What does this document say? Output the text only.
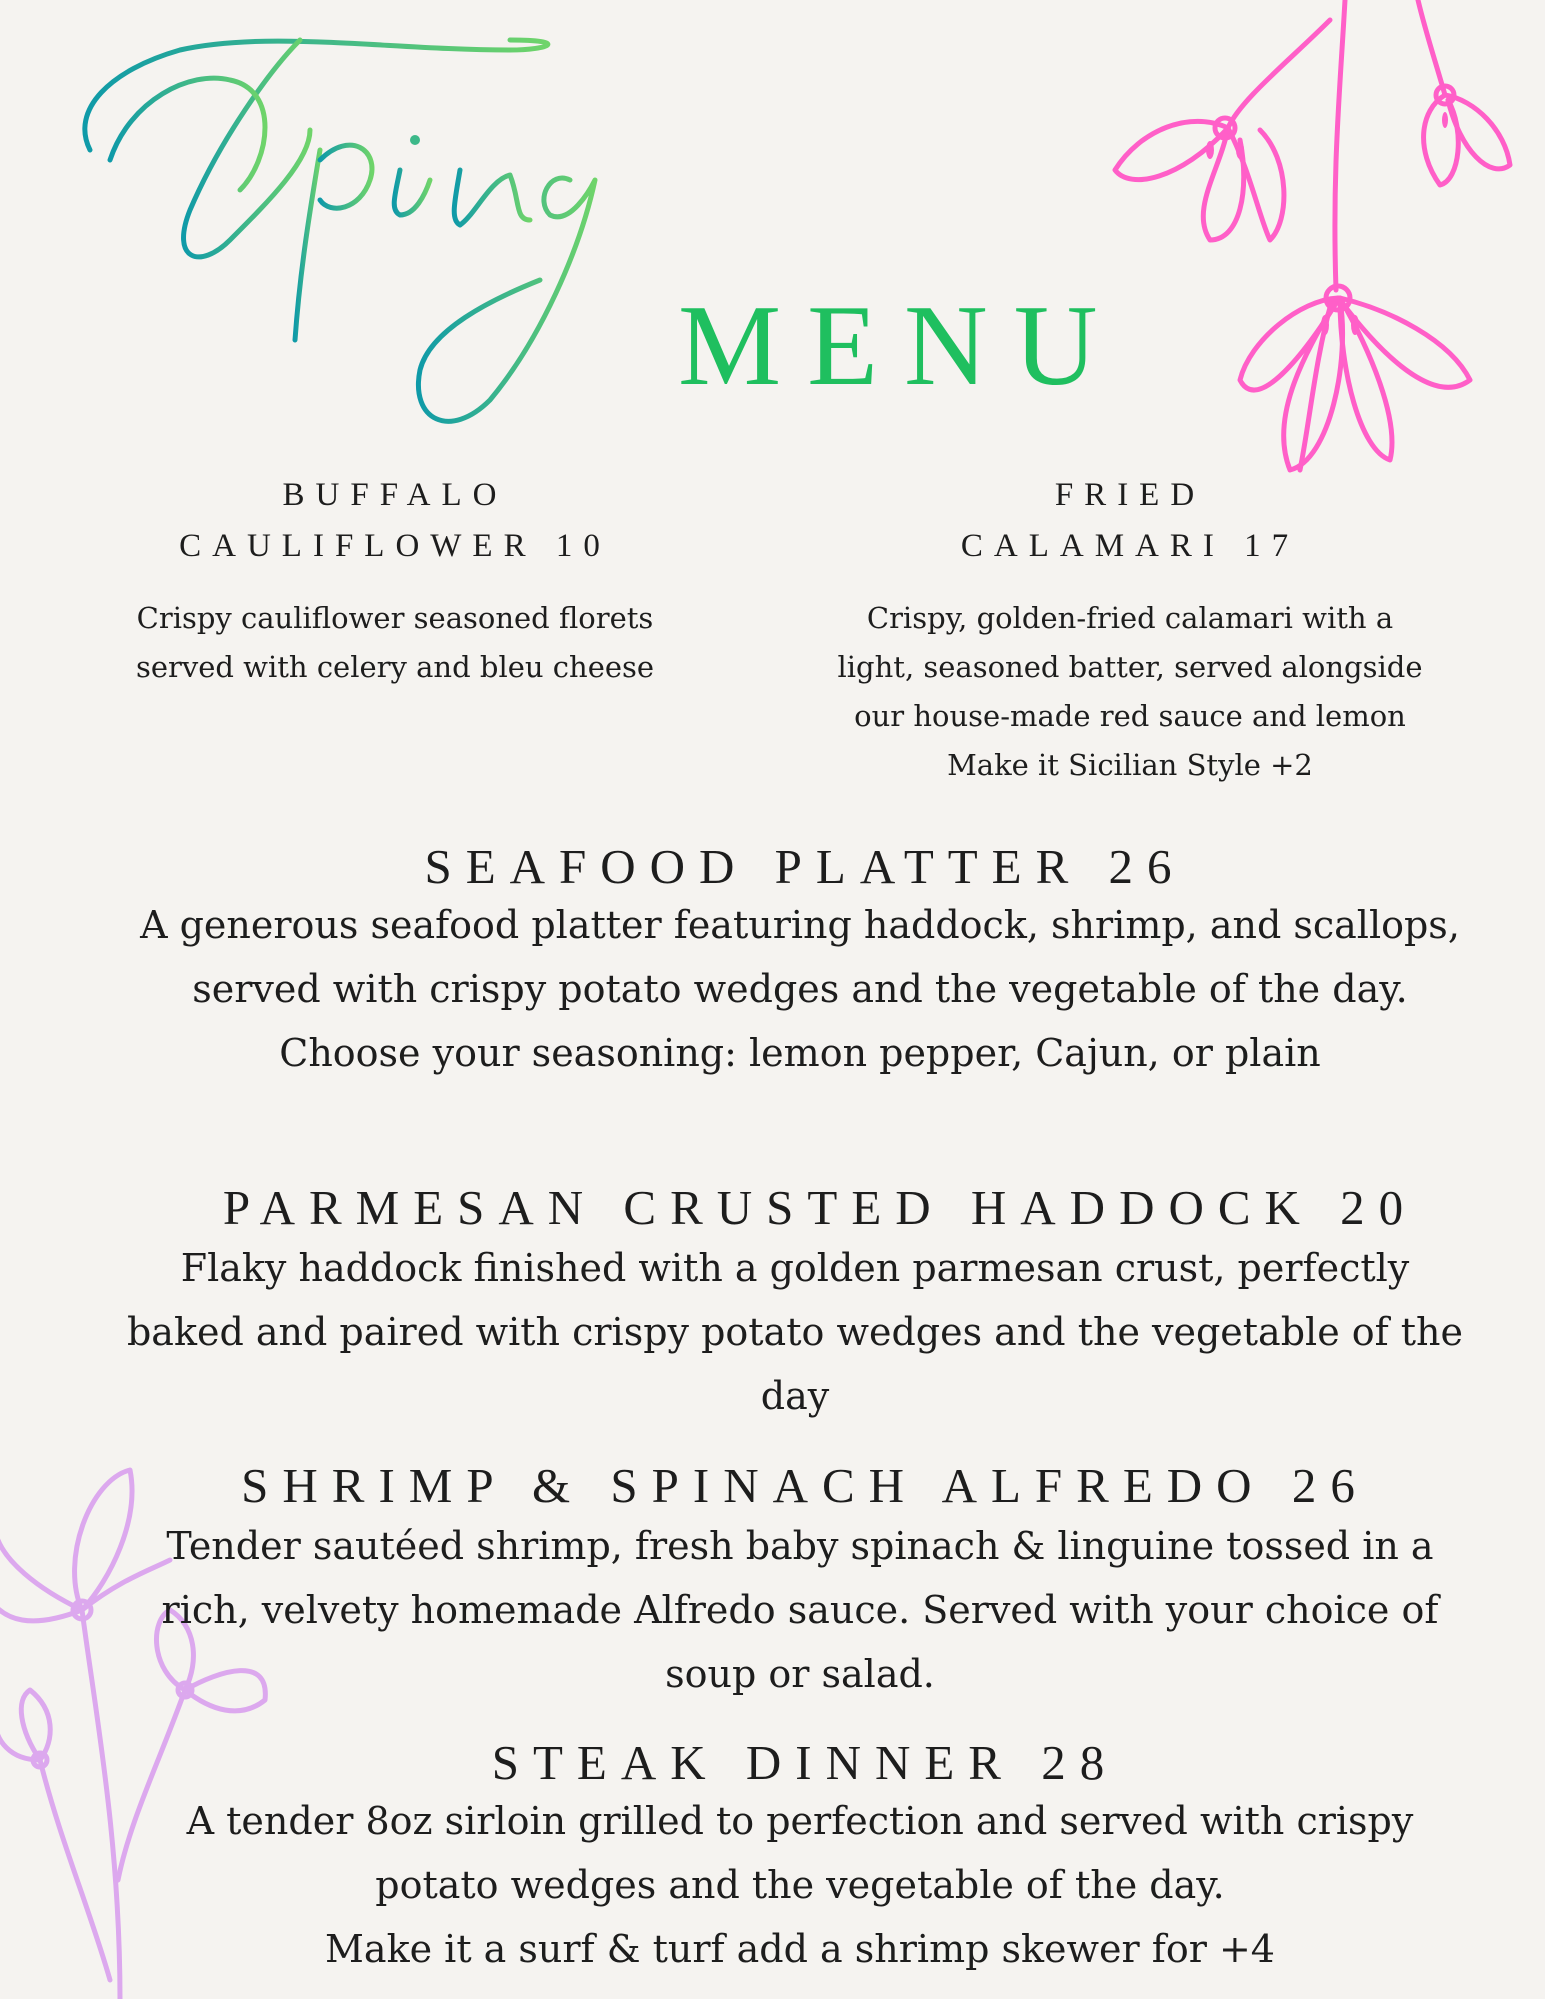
MENU
BUFFALO
CAULIFLOWER 10
Crispy cauliflower seasoned florets
served with celery and bleu cheese
FRIED
CALAMARI 17
Crispy, golden-fried calamari with a
light, seasoned batter, served alongside
our house-made red sauce and lemon
Make it Sicilian Style +2
SEAFOOD PLATTER 26
A generous seafood platter featuring haddock, shrimp, and scallops,
served with crispy potato wedges and the vegetable of the day.
Choose your seasoning: lemon pepper, Cajun, or plain
PARMESAN CRUSTED HADDOCK 20
Flaky haddock finished with a golden parmesan crust, perfectly
baked and paired with crispy potato wedges and the vegetable of the
day
SHRIMP & SPINACH ALFREDO 26
Tender sautéed shrimp, fresh baby spinach & linguine tossed in a
rich, velvety homemade Alfredo sauce. Served with your choice of
soup or salad.
STEAK DINNER 28
A tender 8oz sirloin grilled to perfection and served with crispy
potato wedges and the vegetable of the day.
Make it a surf & turf add a shrimp skewer for +4
